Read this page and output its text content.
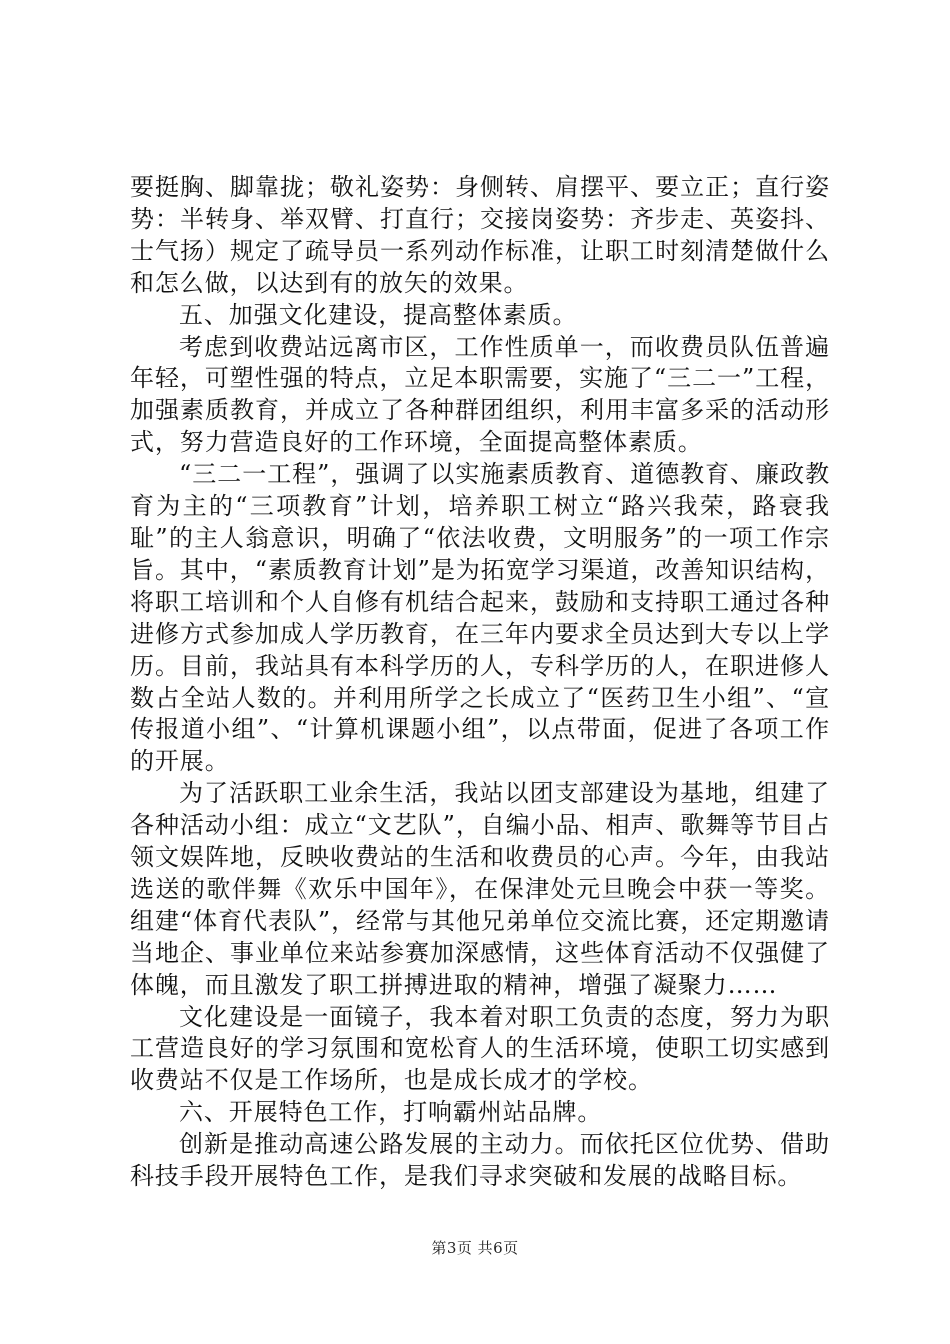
要挺胸、脚靠拢；敬礼姿势：身侧转、肩摆平、要立正；直行姿势：半转身、举双臂、打直行；交接岗姿势：齐步走、英姿抖、士气扬）规定了疏导员一系列动作标准，让职工时刻清楚做什么和怎么做，以达到有的放矢的效果。

五、加强文化建设，提高整体素质。

考虑到收费站远离市区，工作性质单一，而收费员队伍普遍年轻，可塑性强的特点，立足本职需要，实施了“三二一”工程，加强素质教育，并成立了各种群团组织，利用丰富多采的活动形式，努力营造良好的工作环境，全面提高整体素质。

“三二一工程”，强调了以实施素质教育、道德教育、廉政教育为主的“三项教育”计划，培养职工树立“路兴我荣，路衰我耻”的主人翁意识，明确了“依法收费，文明服务”的一项工作宗旨。其中，“素质教育计划”是为拓宽学习渠道，改善知识结构，将职工培训和个人自修有机结合起来，鼓励和支持职工通过各种进修方式参加成人学历教育，在三年内要求全员达到大专以上学历。目前，我站具有本科学历的人，专科学历的人，在职进修人数占全站人数的。并利用所学之长成立了“医药卫生小组”、“宣传报道小组”、“计算机课题小组”，以点带面，促进了各项工作的开展。

为了活跃职工业余生活，我站以团支部建设为基地，组建了各种活动小组：成立“文艺队”，自编小品、相声、歌舞等节目占领文娱阵地，反映收费站的生活和收费员的心声。今年，由我站选送的歌伴舞《欢乐中国年》，在保津处元旦晚会中获一等奖。组建“体育代表队”，经常与其他兄弟单位交流比赛，还定期邀请当地企、事业单位来站参赛加深感情，这些体育活动不仅强健了体魄，而且激发了职工拼搏进取的精神，增强了凝聚力……

文化建设是一面镜子，我本着对职工负责的态度，努力为职工营造良好的学习氛围和宽松育人的生活环境，使职工切实感到收费站不仅是工作场所，也是成长成才的学校。

六、开展特色工作，打响霸州站品牌。

创新是推动高速公路发展的主动力。而依托区位优势、借助科技手段开展特色工作，是我们寻求突破和发展的战略目标。

第3页 共6页
